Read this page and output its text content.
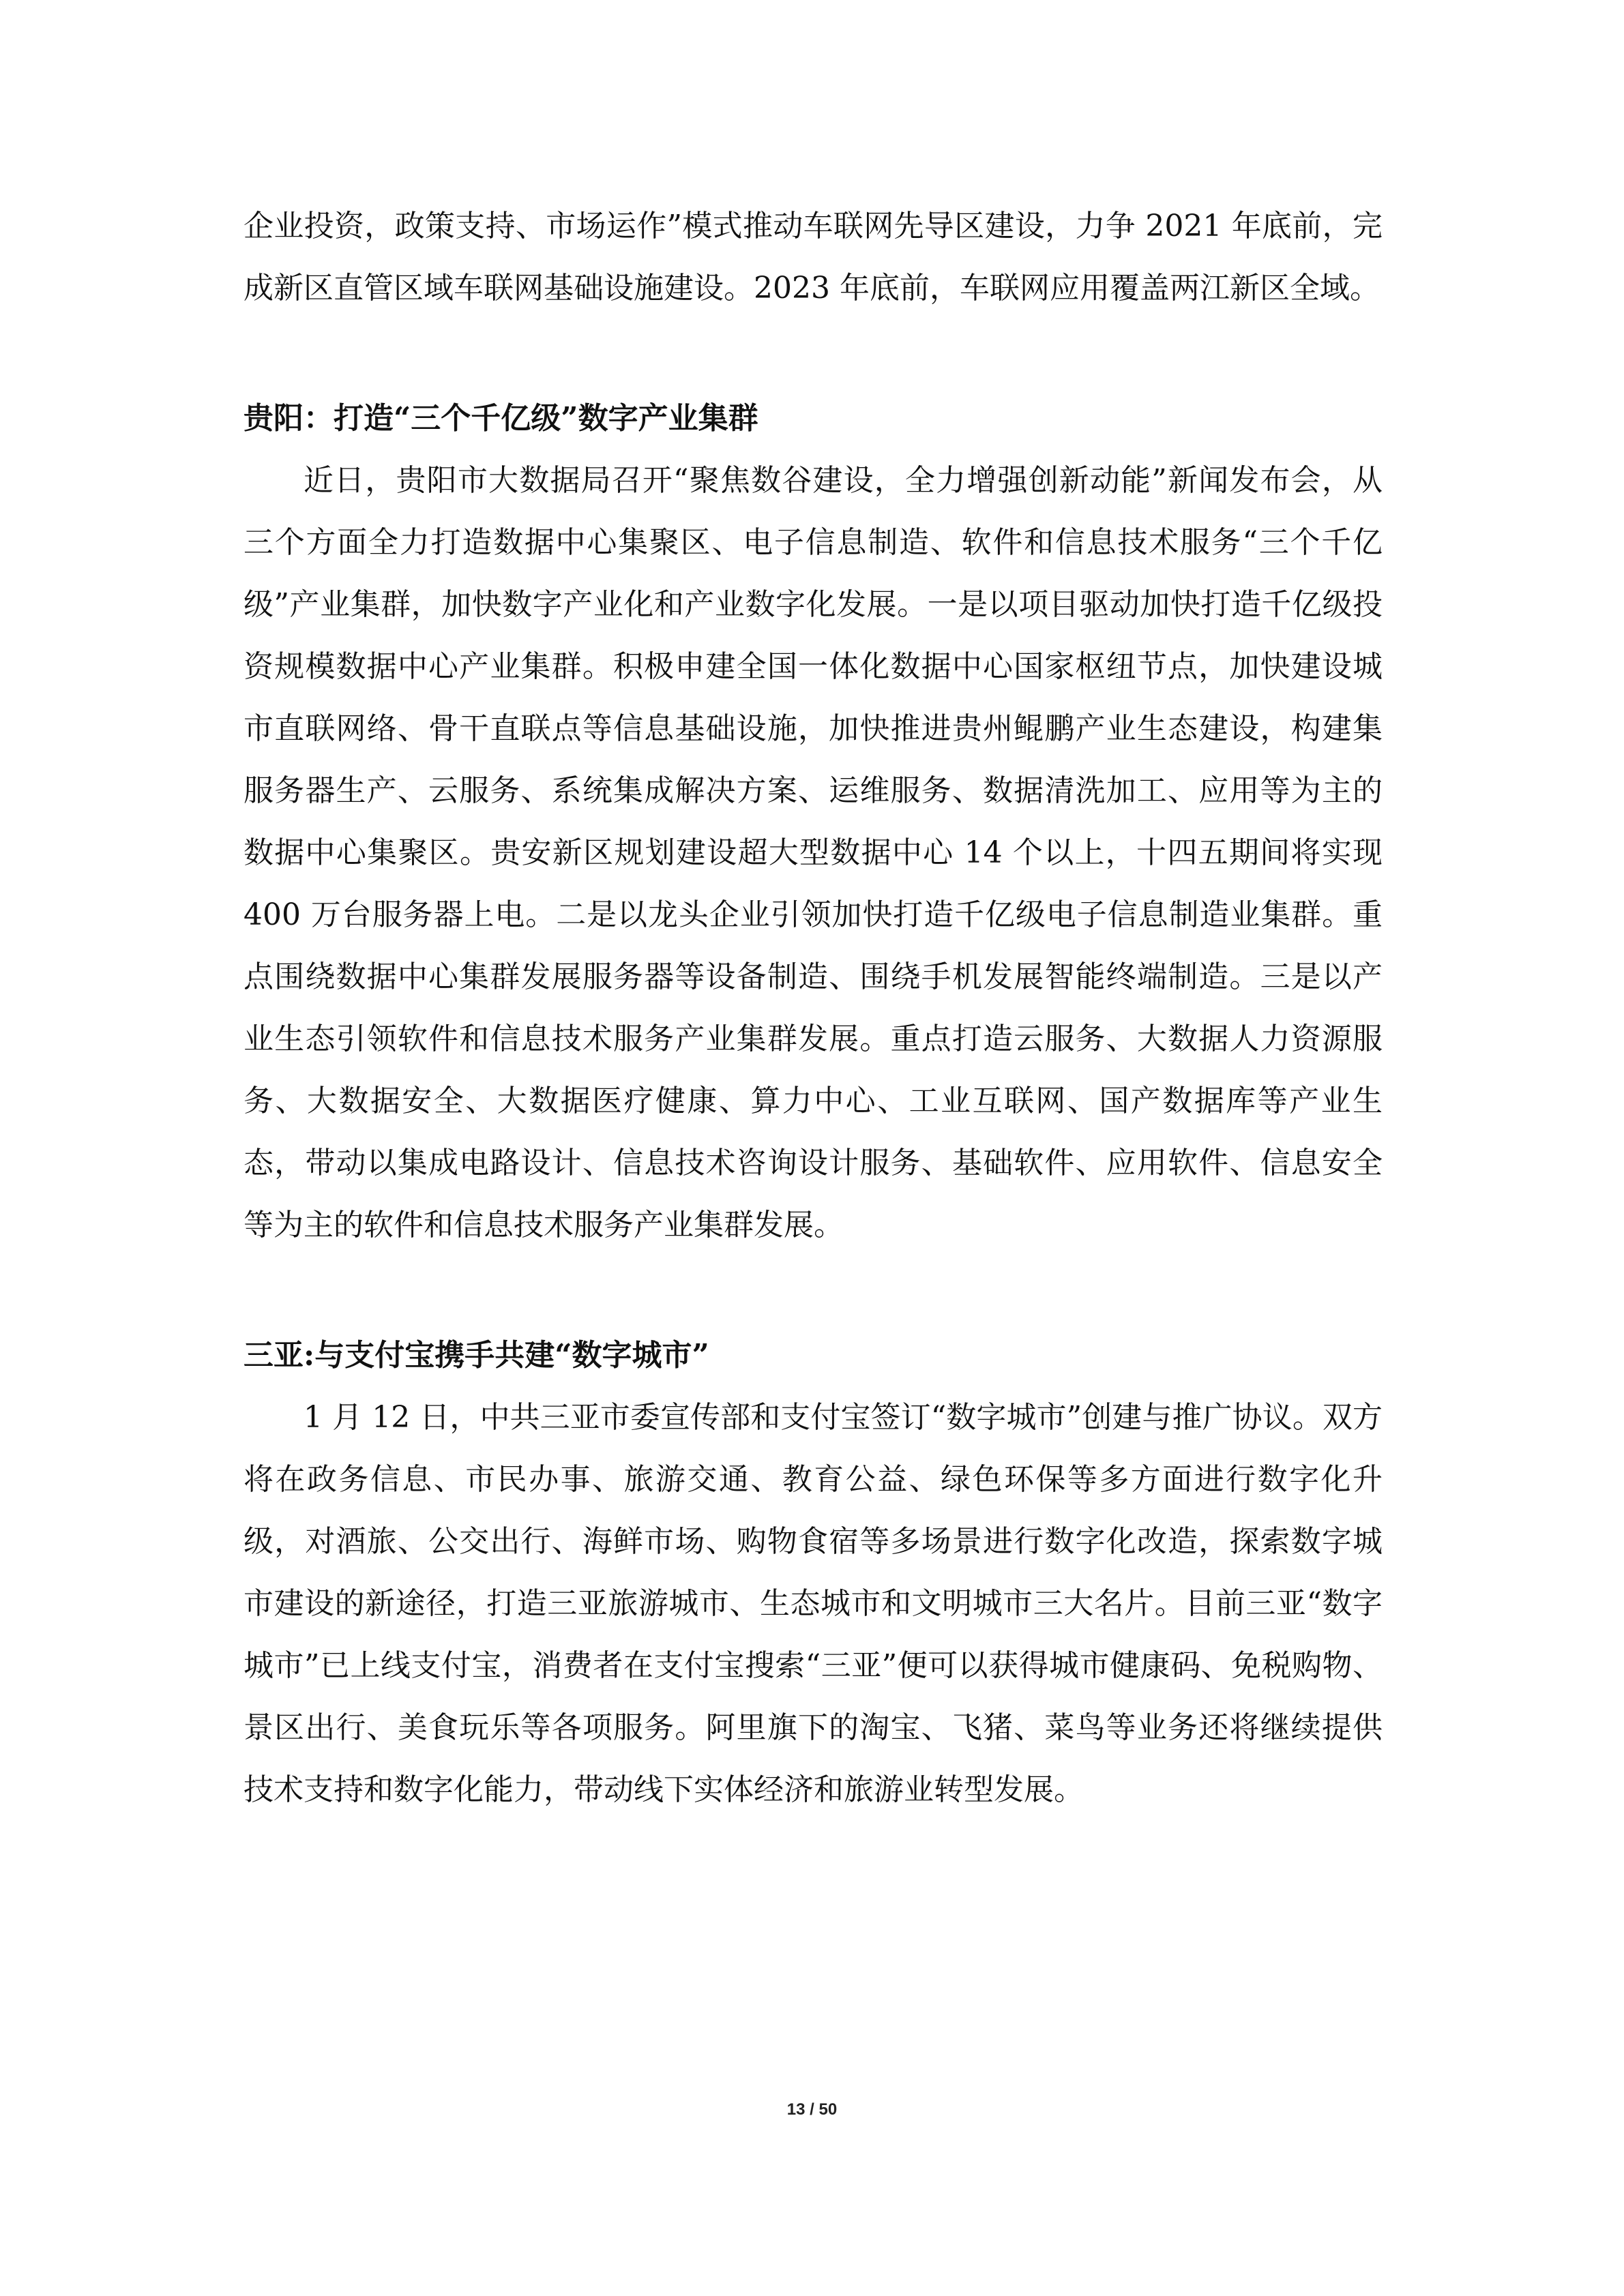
企业投资，政策支持、市场运作”模式推动车联网先导区建设，力争 2021 年底前，完成新区直管区域车联网基础设施建设。2023 年底前，车联网应用覆盖两江新区全域。

贵阳：打造“三个千亿级”数字产业集群

近日，贵阳市大数据局召开“聚焦数谷建设，全力增强创新动能”新闻发布会，从三个方面全力打造数据中心集聚区、电子信息制造、软件和信息技术服务“三个千亿级”产业集群，加快数字产业化和产业数字化发展。一是以项目驱动加快打造千亿级投资规模数据中心产业集群。积极申建全国一体化数据中心国家枢纽节点，加快建设城市直联网络、骨干直联点等信息基础设施，加快推进贵州鲲鹏产业生态建设，构建集服务器生产、云服务、系统集成解决方案、运维服务、数据清洗加工、应用等为主的数据中心集聚区。贵安新区规划建设超大型数据中心 14 个以上，十四五期间将实现 400 万台服务器上电。二是以龙头企业引领加快打造千亿级电子信息制造业集群。重点围绕数据中心集群发展服务器等设备制造、围绕手机发展智能终端制造。三是以产业生态引领软件和信息技术服务产业集群发展。重点打造云服务、大数据人力资源服务、大数据安全、大数据医疗健康、算力中心、工业互联网、国产数据库等产业生态，带动以集成电路设计、信息技术咨询设计服务、基础软件、应用软件、信息安全等为主的软件和信息技术服务产业集群发展。

三亚:与支付宝携手共建“数字城市”

1 月 12 日，中共三亚市委宣传部和支付宝签订“数字城市”创建与推广协议。双方将在政务信息、市民办事、旅游交通、教育公益、绿色环保等多方面进行数字化升级，对酒旅、公交出行、海鲜市场、购物食宿等多场景进行数字化改造，探索数字城市建设的新途径，打造三亚旅游城市、生态城市和文明城市三大名片。目前三亚“数字城市”已上线支付宝，消费者在支付宝搜索“三亚”便可以获得城市健康码、免税购物、景区出行、美食玩乐等各项服务。阿里旗下的淘宝、飞猪、菜鸟等业务还将继续提供技术支持和数字化能力，带动线下实体经济和旅游业转型发展。

13 / 50
